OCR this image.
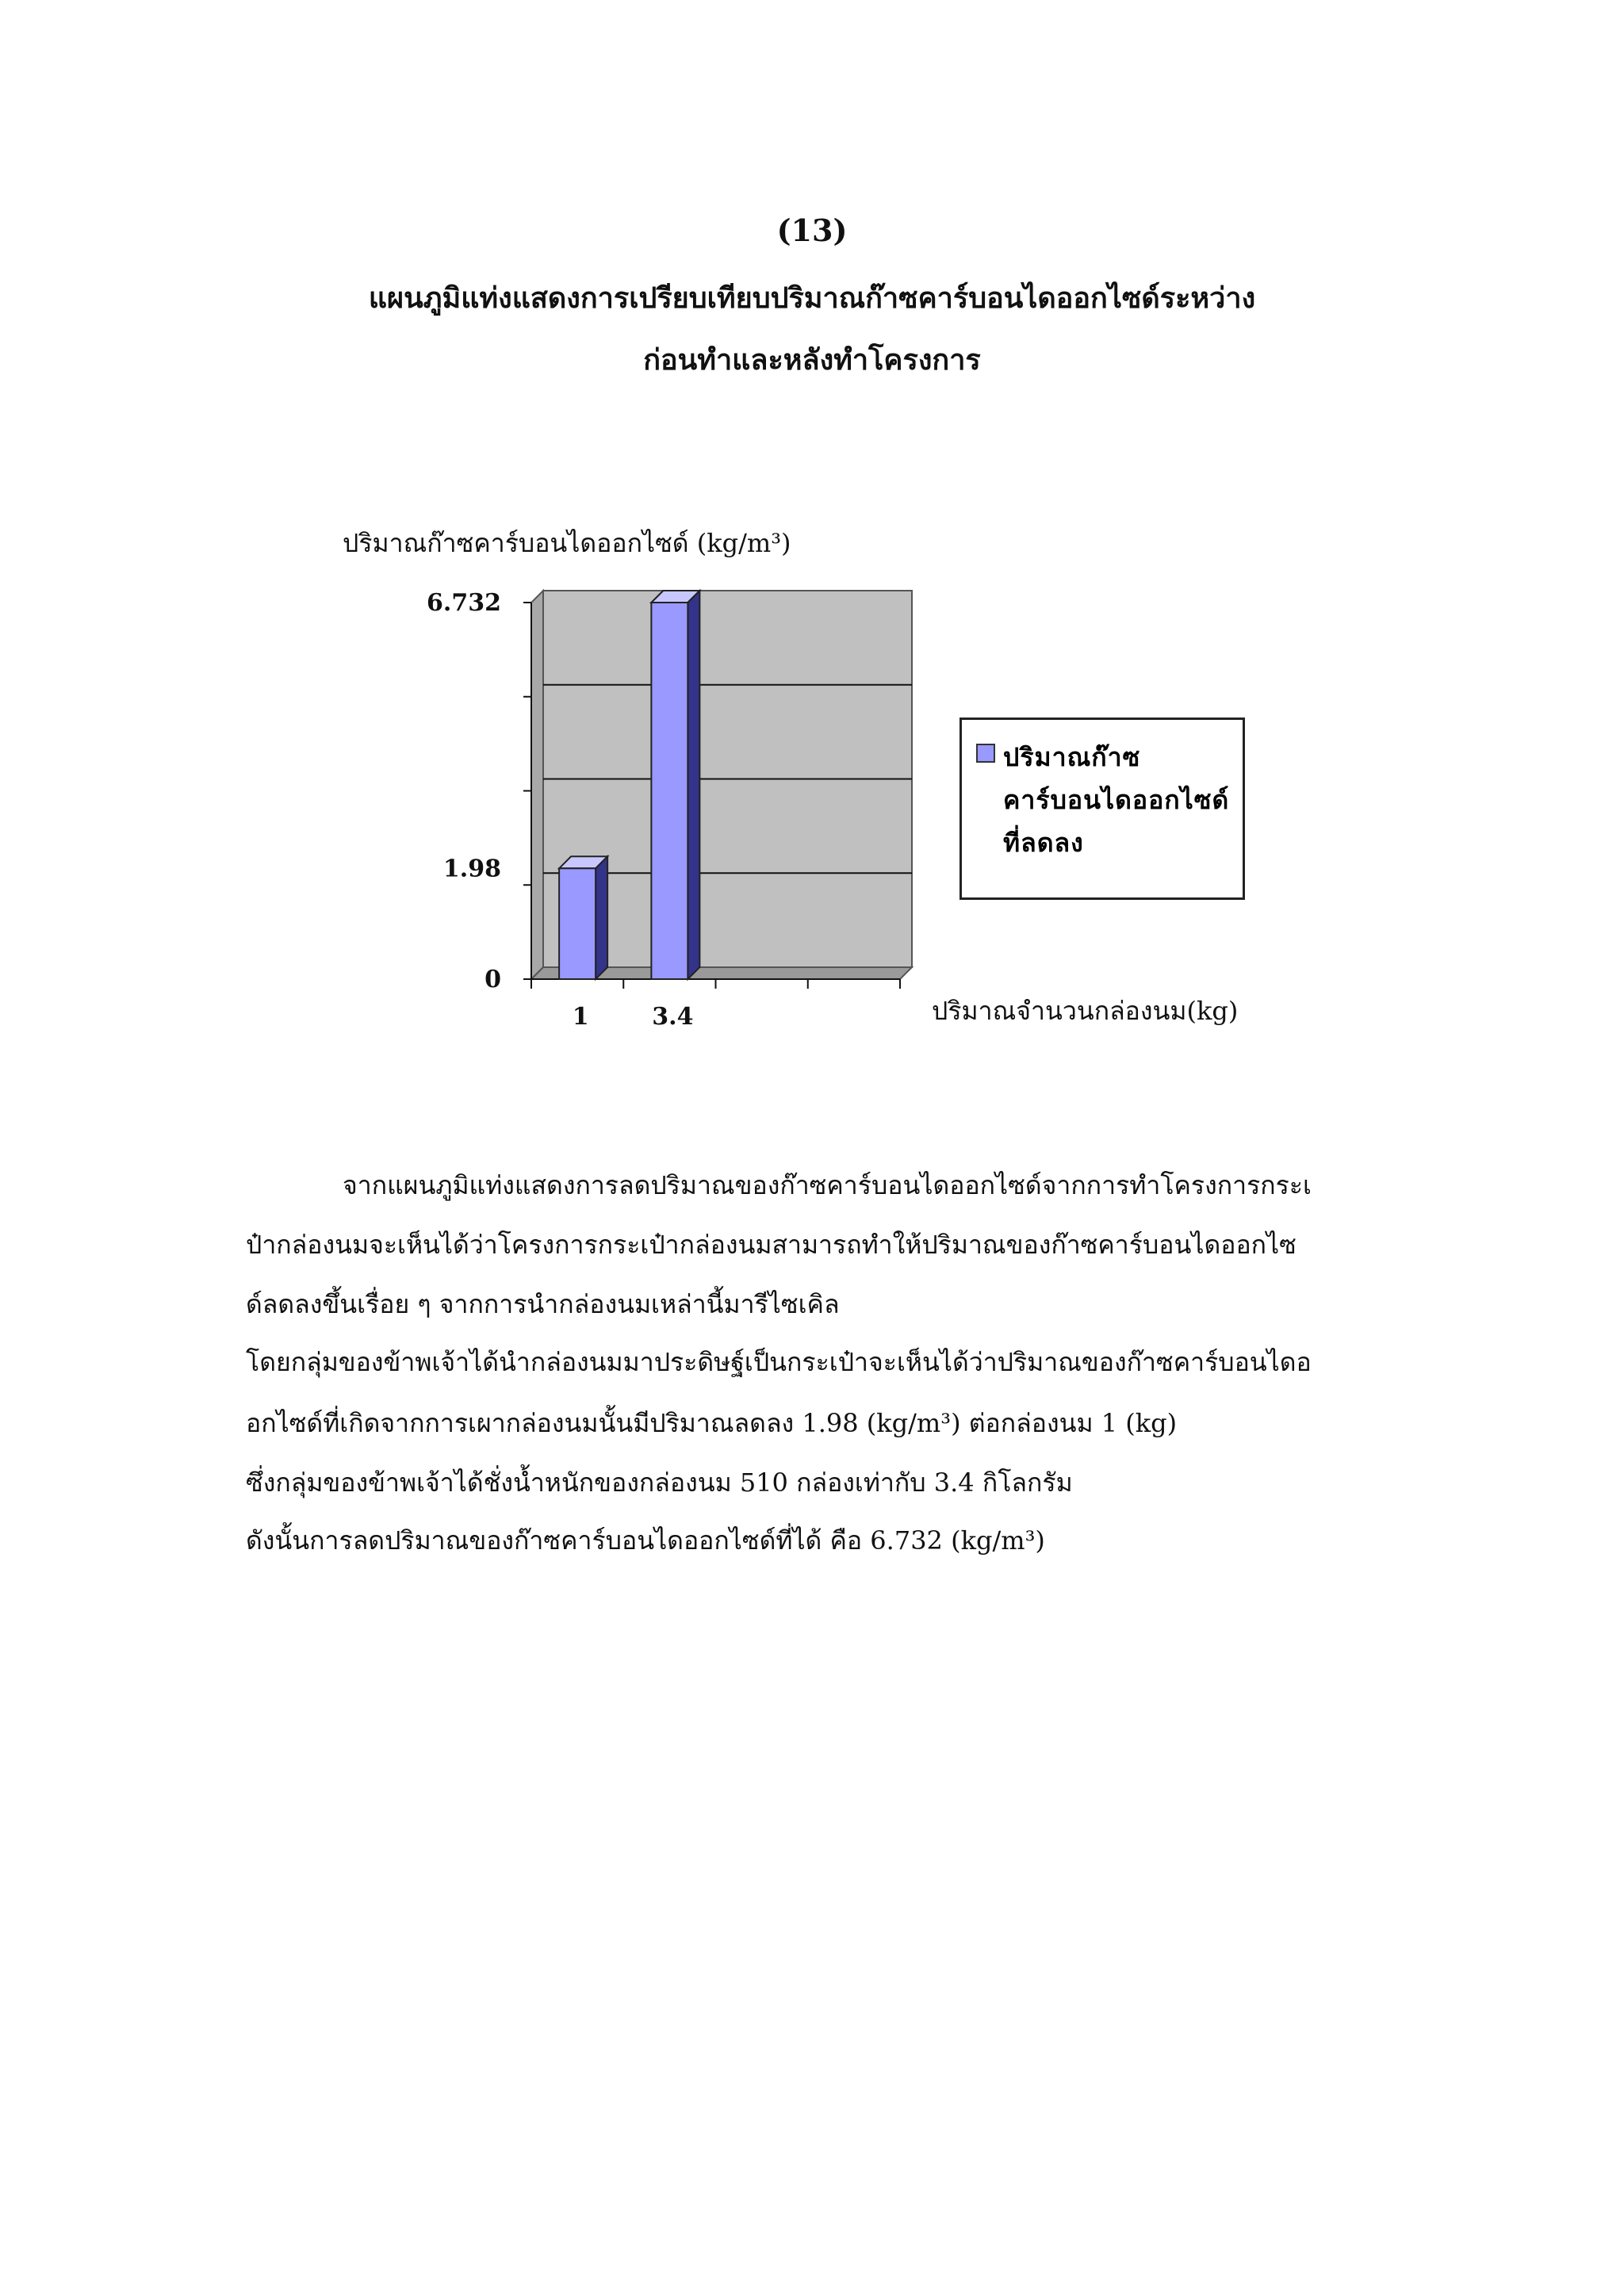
(13)
แผนภูมิแท่งแสดงการเปรียบเทียบปริมาณก๊าซคาร์บอนไดออกไซด์ระหว่าง
ก่อนทำและหลังทำโครงการ
ปริมาณก๊าซคาร์บอนไดออกไซด์ (kg/m³)
0
1.98
6.732
1	3.4
ปริมาณก๊าซคาร์บอนไดออกไซด์ที่ลดลง
ปริมาณจำนวนกล่องนม(kg)
จากแผนภูมิแท่งแสดงการลดปริมาณของก๊าซคาร์บอนไดออกไซด์จากการทำโครงการกระเ
ป๋ากล่องนมจะเห็นได้ว่าโครงการกระเป๋ากล่องนมสามารถทำให้ปริมาณของก๊าซคาร์บอนไดออกไซ
ด์ลดลงขึ้นเรื่อย ๆ จากการนำกล่องนมเหล่านี้มารีไซเคิล
โดยกลุ่มของข้าพเจ้าได้นำกล่องนมมาประดิษฐ์เป็นกระเป๋าจะเห็นได้ว่าปริมาณของก๊าซคาร์บอนไดอ
อกไซด์ที่เกิดจากการเผากล่องนมนั้นมีปริมาณลดลง 1.98 (kg/m³) ต่อกล่องนม 1 (kg)
ซึ่งกลุ่มของข้าพเจ้าได้ชั่งน้ำหนักของกล่องนม 510 กล่องเท่ากับ 3.4 กิโลกรัม
ดังนั้นการลดปริมาณของก๊าซคาร์บอนไดออกไซด์ที่ได้ คือ 6.732 (kg/m³)
